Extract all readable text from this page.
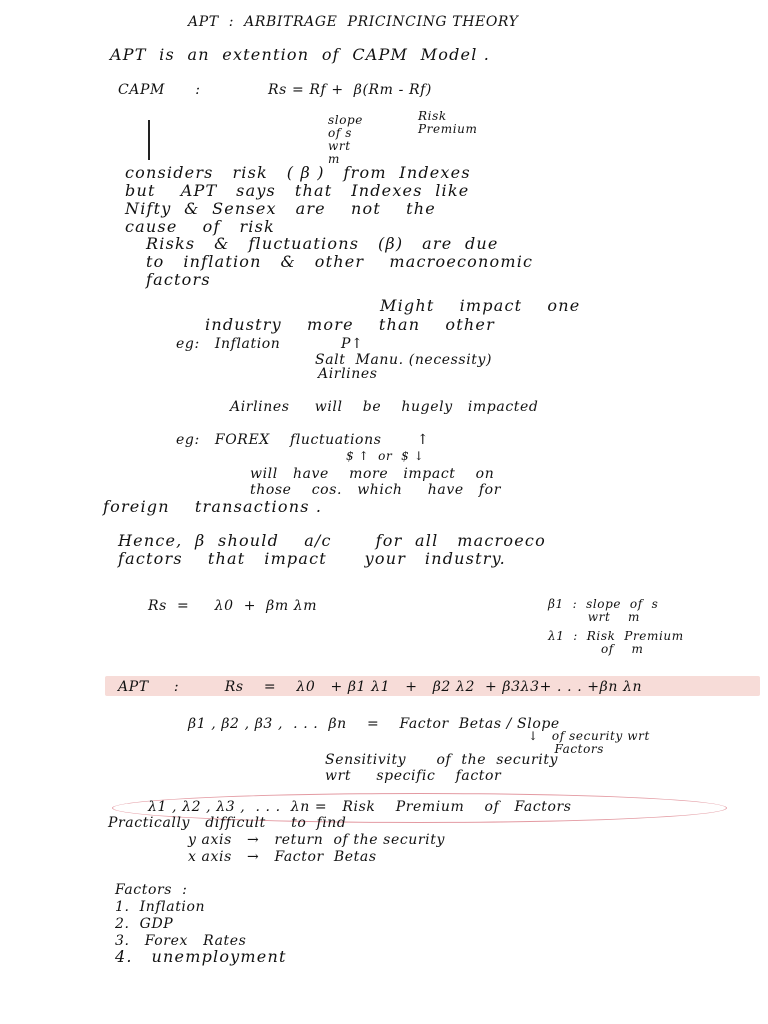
APT  :  ARBITRAGE  PRICINCING THEORY
APT  is  an  extention  of  CAPM  Model .
CAPM      :	Rs = Rf +  β(Rm - Rf)
slope
of s
wrt
m
Risk
Premium
considers   risk   ( β )   from  Indexes
but    APT   says   that   Indexes  like
Nifty  &  Sensex   are    not    the
cause    of   risk
Risks   &   fluctuations   (β)   are  due
to   inflation   &   other    macroeconomic
factors
Might    impact    one
industry    more    than    other
eg:   Inflation            P↑
Salt  Manu. (necessity)
Airlines
Airlines     will    be    hugely   impacted
eg:   FOREX    fluctuations       ↑
$ ↑  or  $ ↓
will   have    more   impact    on
those    cos.   which     have   for
foreign    transactions .
Hence,  β  should    a/c       for  all   macroeco
factors    that   impact      your   industry.
Rs  =     λ0  +  βm λm	β1  :  slope  of  s
wrt    m
λ1  :  Risk  Premium
of    m
APT     :         Rs    =    λ0   + β1 λ1   +   β2 λ2  + β3λ3+ . . . +βn λn
β1 , β2 , β3 ,  . . .  βn    =    Factor  Betas / Slope
↓   of security wrt
Factors
Sensitivity      of  the  security
wrt     specific    factor
λ1 , λ2 , λ3 ,  . . .  λn =   Risk    Premium    of   Factors
Practically   difficult     to  find
y axis   →   return  of the security
x axis   →   Factor  Betas
Factors  :
1.  Inflation
2.  GDP
3.   Forex   Rates
4.   unemployment
